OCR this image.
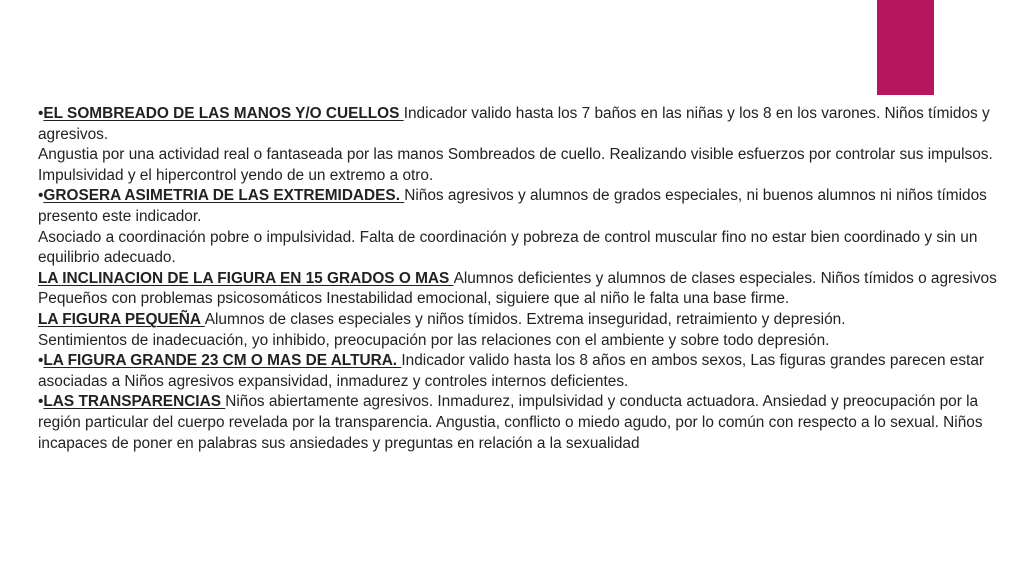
•EL SOMBREADO DE LAS MANOS Y/O CUELLOS Indicador valido hasta los 7 baños en las niñas y los 8 en los varones. Niños tímidos y agresivos.

Angustia por una actividad real o fantaseada por las manos Sombreados de cuello. Realizando visible esfuerzos por controlar sus impulsos. Impulsividad y el hipercontrol yendo de un extremo a otro.

•GROSERA ASIMETRIA DE LAS EXTREMIDADES. Niños agresivos y alumnos de grados especiales, ni buenos alumnos ni niños tímidos presento este indicador.

Asociado a coordinación pobre o impulsividad. Falta de coordinación y pobreza de control muscular fino no estar bien coordinado y sin un equilibrio adecuado.

LA INCLINACION DE LA FIGURA EN 15 GRADOS O MAS Alumnos deficientes y alumnos de clases especiales. Niños tímidos o agresivos

Pequeños con problemas psicosomáticos Inestabilidad emocional, siguiere que al niño le falta una base firme.

LA FIGURA PEQUEÑA Alumnos de clases especiales y niños tímidos. Extrema inseguridad, retraimiento y depresión.

Sentimientos de inadecuación, yo inhibido, preocupación por las relaciones con el ambiente y sobre todo depresión.

•LA FIGURA GRANDE 23 CM O MAS DE ALTURA. Indicador valido hasta los 8 años en ambos sexos, Las figuras grandes parecen estar asociadas a Niños agresivos expansividad, inmadurez y controles internos deficientes.

•LAS TRANSPARENCIAS Niños abiertamente agresivos. Inmadurez, impulsividad y conducta actuadora. Ansiedad y preocupación por la región particular del cuerpo revelada por la transparencia. Angustia, conflicto o miedo agudo, por lo común con respecto a lo sexual. Niños incapaces de poner en palabras sus ansiedades y preguntas en relación a la sexualidad
